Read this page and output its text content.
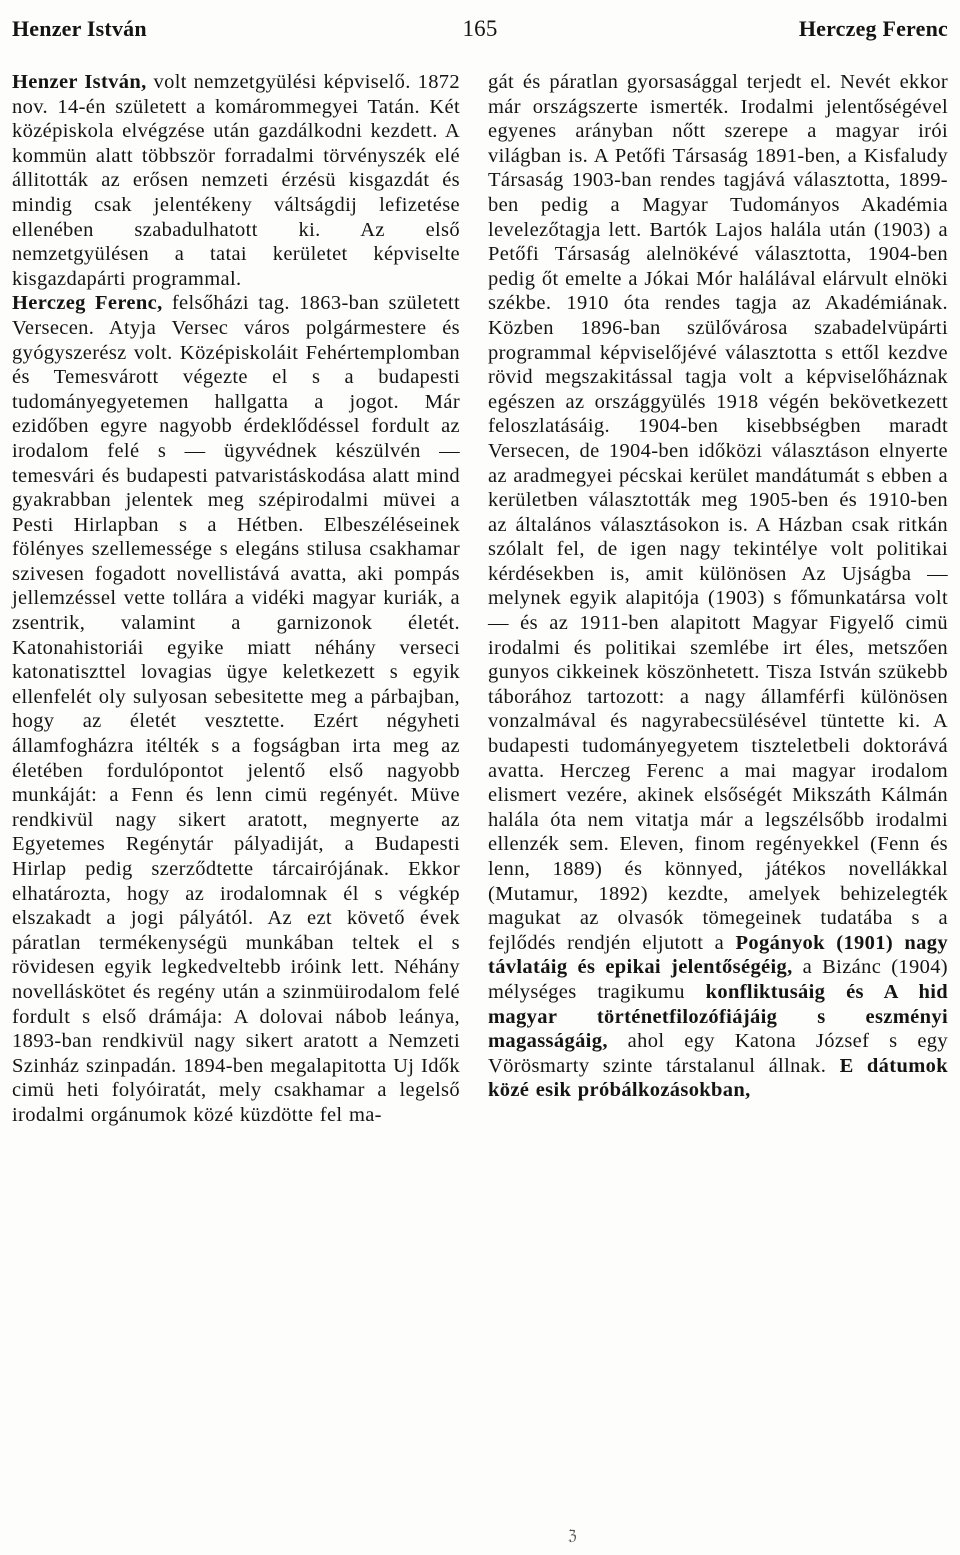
Henzer István	165	Herczeg Ferenc

Henzer István, volt nemzetgyülési képviselő. 1872 nov. 14-én született a komárommegyei Tatán. Két középiskola elvégzése után gazdálkodni kezdett. A kommün alatt többször forradalmi törvényszék elé állitották az erősen nemzeti érzésü kisgazdát és mindig csak jelentékeny váltságdij lefizetése ellenében szabadulhatott ki. Az első nemzetgyülésen a tatai kerületet képviselte kisgazdapárti programmal.

Herczeg Ferenc, felsőházi tag. 1863-ban született Versecen. Atyja Versec város polgármestere és gyógyszerész volt. Középiskoláit Fehértemplomban és Temesvárott végezte el s a budapesti tudományegyetemen hallgatta a jogot. Már ezidőben egyre nagyobb érdeklődéssel fordult az irodalom felé s — ügyvédnek készülvén — temesvári és budapesti patvaristáskodása alatt mind gyakrabban jelentek meg szépirodalmi müvei a Pesti Hirlapban s a Hétben. Elbeszéléseinek fölényes szellemessége s elegáns stilusa csakhamar szivesen fogadott novellistává avatta, aki pompás jellemzéssel vette tollára a vidéki magyar kuriák, a zsentrik, valamint a garnizonok életét. Katonahistoriái egyike miatt néhány verseci katonatiszttel lovagias ügye keletkezett s egyik ellenfelét oly sulyosan sebesitette meg a párbajban, hogy az életét vesztette. Ezért négyheti államfogházra itélték s a fogságban irta meg az életében fordulópontot jelentő első nagyobb munkáját: a Fenn és lenn cimü regényét. Müve rendkivül nagy sikert aratott, megnyerte az Egyetemes Regénytár pályadiját, a Budapesti Hirlap pedig szerződtette tárcairójának. Ekkor elhatározta, hogy az irodalomnak él s végkép elszakadt a jogi pályától. Az ezt követő évek páratlan termékenységü munkában teltek el s rövidesen egyik legkedveltebb iróink lett. Néhány novelláskötet és regény után a szinmüirodalom felé fordult s első drámája: A dolovai nábob leánya, 1893-ban rendkivül nagy sikert aratott a Nemzeti Szinház szinpadán. 1894-ben megalapitotta Uj Idők cimü heti folyóiratát, mely csakhamar a legelső irodalmi orgánumok közé küzdötte fel ma-

gát és páratlan gyorsasággal terjedt el. Nevét ekkor már országszerte ismerték. Irodalmi jelentőségével egyenes arányban nőtt szerepe a magyar irói világban is. A Petőfi Társaság 1891-ben, a Kisfaludy Társaság 1903-ban rendes tagjává választotta, 1899-ben pedig a Magyar Tudományos Akadémia levelezőtagja lett. Bartók Lajos halála után (1903) a Petőfi Társaság alelnökévé választotta, 1904-ben pedig őt emelte a Jókai Mór halálával elárvult elnöki székbe. 1910 óta rendes tagja az Akadémiának. Közben 1896-ban szülővárosa szabadelvüpárti programmal képviselőjévé választotta s ettől kezdve rövid megszakitással tagja volt a képviselőháznak egészen az országgyülés 1918 végén bekövetkezett feloszlatásáig. 1904-ben kisebbségben maradt Versecen, de 1904-ben időközi választáson elnyerte az aradmegyei pécskai kerület mandátumát s ebben a kerületben választották meg 1905-ben és 1910-ben az általános választásokon is. A Házban csak ritkán szólalt fel, de igen nagy tekintélye volt politikai kérdésekben is, amit különösen Az Ujságba — melynek egyik alapitója (1903) s főmunkatársa volt — és az 1911-ben alapitott Magyar Figyelő cimü irodalmi és politikai szemlébe irt éles, metszően gunyos cikkeinek köszönhetett. Tisza István szükebb táborához tartozott: a nagy államférfi különösen vonzalmával és nagyrabecsülésével tüntette ki. A budapesti tudományegyetem tiszteletbeli doktorává avatta. Herczeg Ferenc a mai magyar irodalom elismert vezére, akinek elsőségét Mikszáth Kálmán halála óta nem vitatja már a legszélsőbb irodalmi ellenzék sem. Eleven, finom regényekkel (Fenn és lenn, 1889) és könnyed, játékos novellákkal (Mutamur, 1892) kezdte, amelyek behizelegték magukat az olvasók tömegeinek tudatába s a fejlődés rendjén eljutott a Pogányok (1901) nagy távlatáig és epikai jelentőségéig, a Bizánc (1904) mélységes tragikumu konfliktusáig és A hid magyar történetfilozófiájáig s eszményi magasságáig, ahol egy Katona József s egy Vörösmarty szinte társtalanul állnak. E dátumok közé esik próbálkozásokban,

ℨ
